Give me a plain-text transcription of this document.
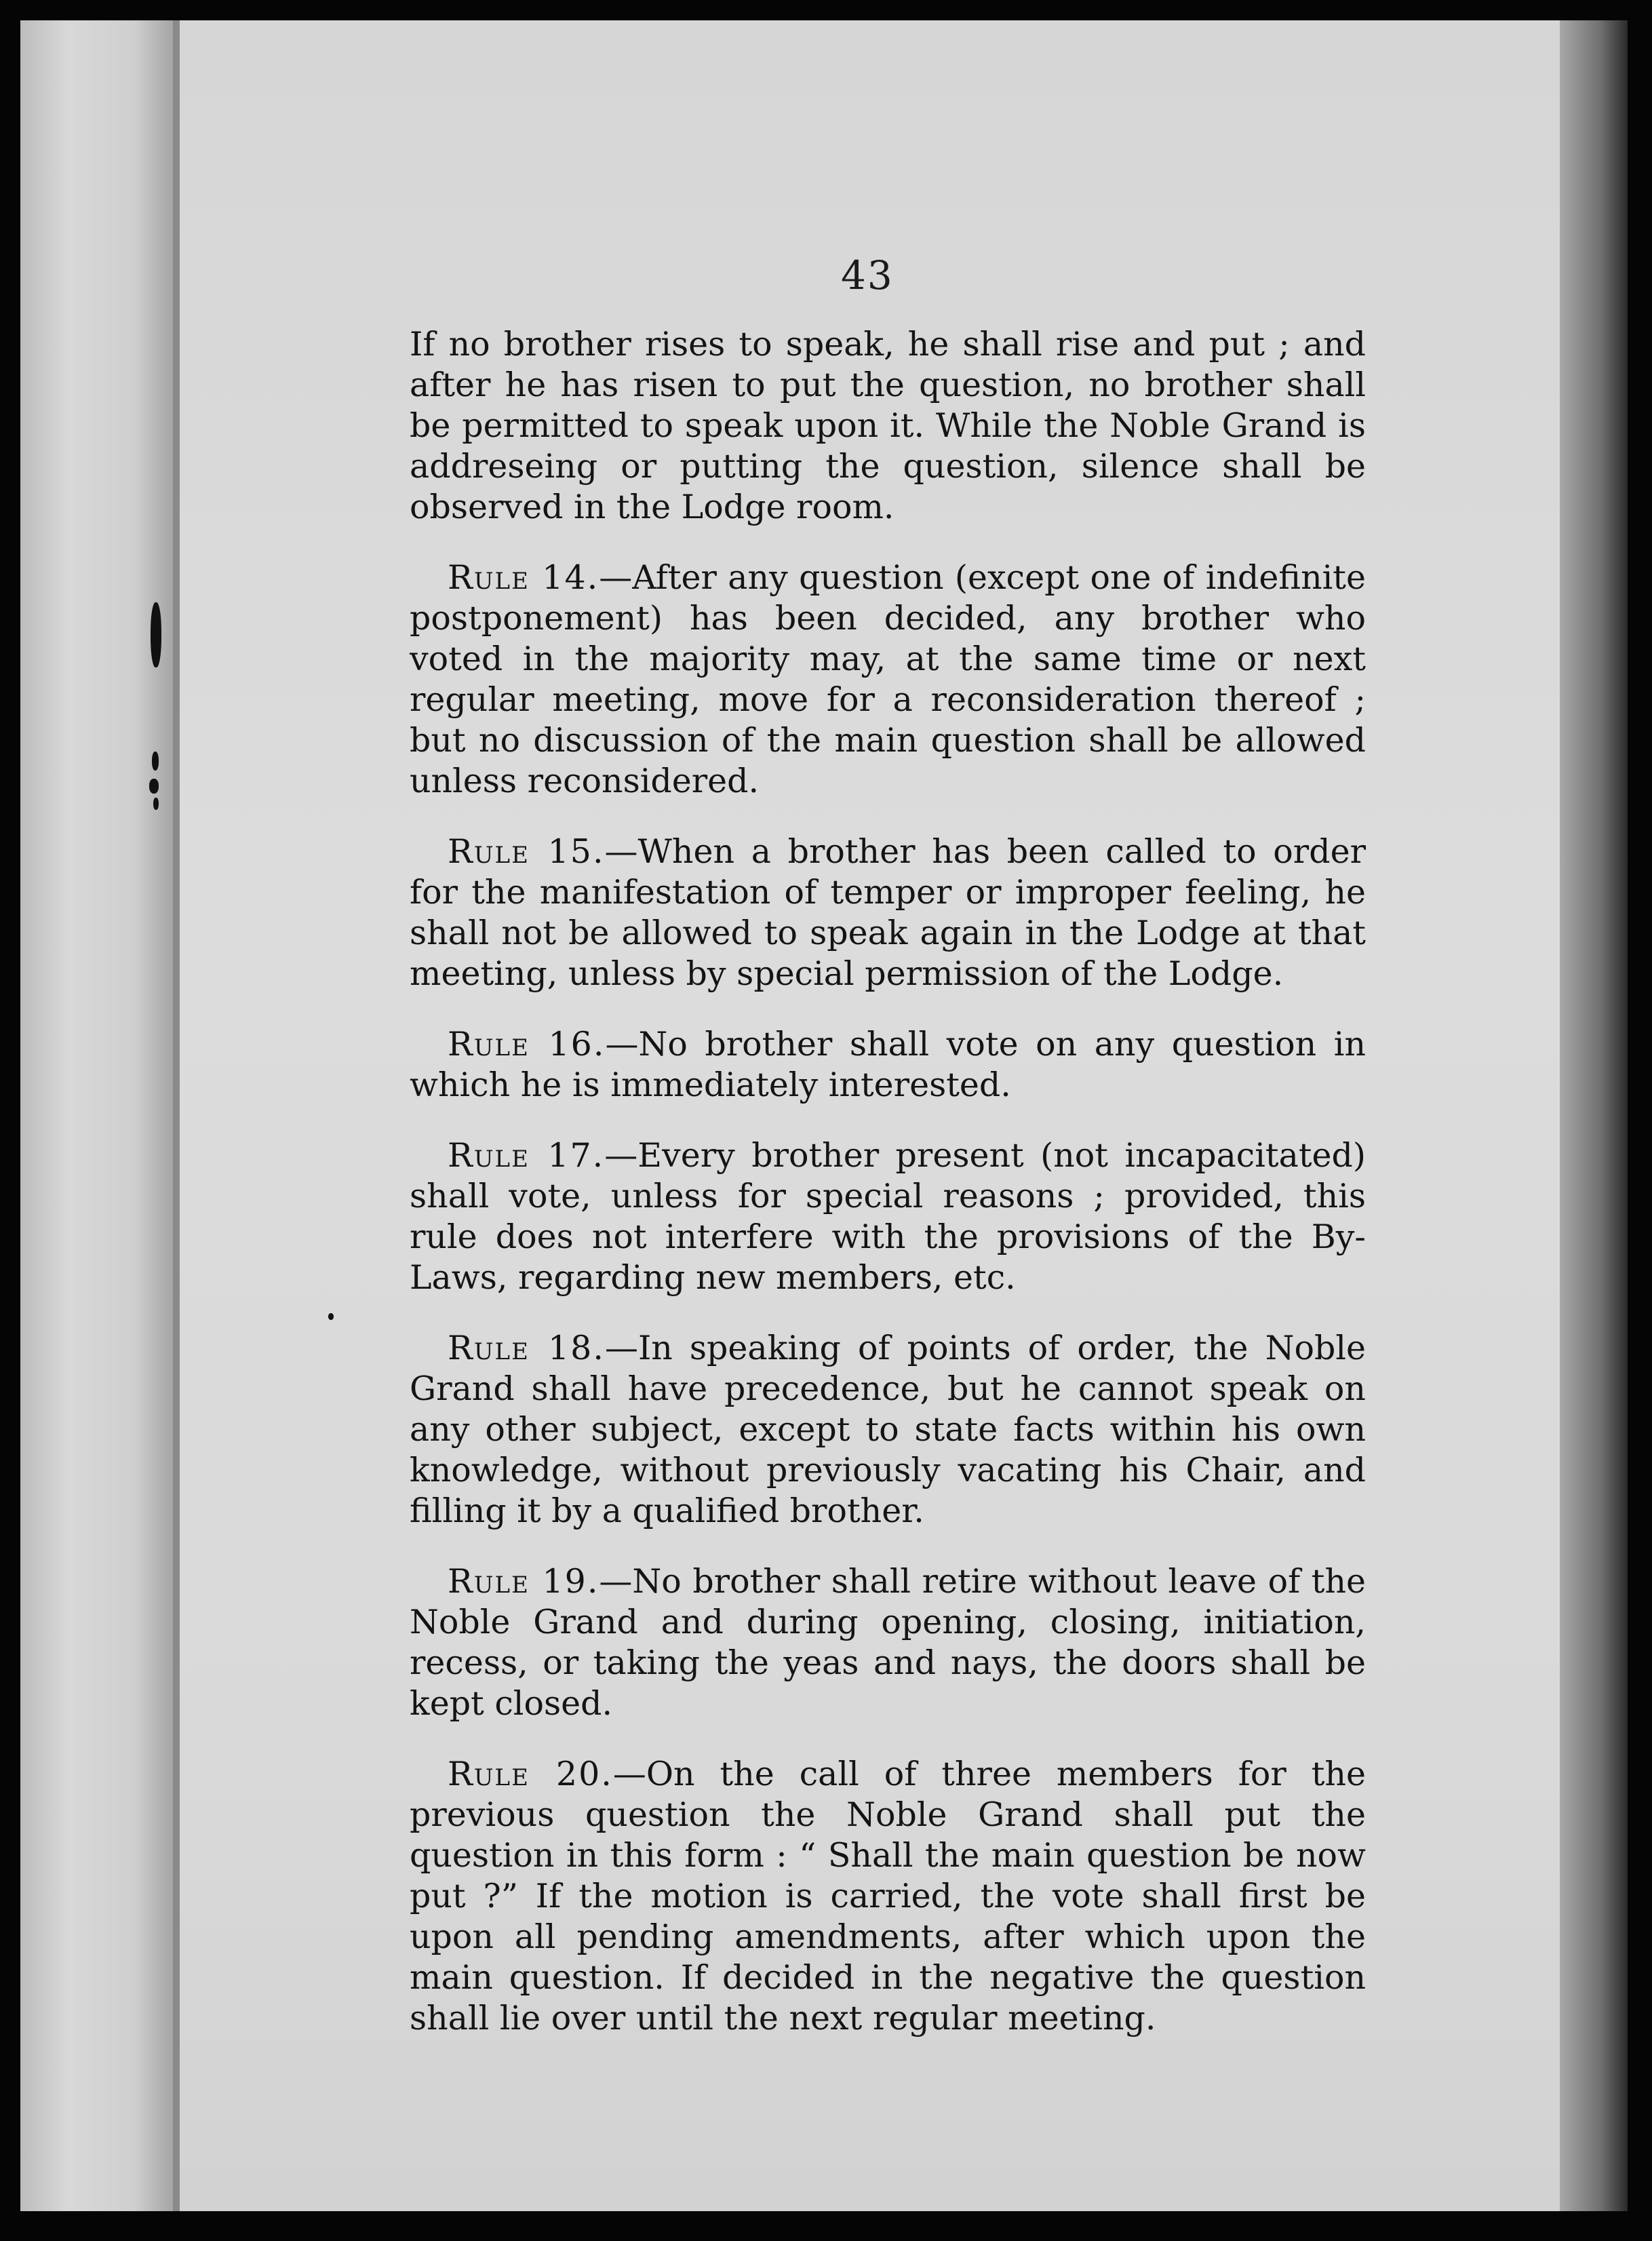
43

If no brother rises to speak, he shall rise and put ; and after he has risen to put the question, no brother shall be permitted to speak upon it. While the Noble Grand is addreseing or putting the question, silence shall be observed in the Lodge room.

Rule 14.—After any question (except one of indefinite postponement) has been decided, any brother who voted in the majority may, at the same time or next regular meeting, move for a reconsideration thereof ; but no discussion of the main question shall be allowed unless reconsidered.

Rule 15.—When a brother has been called to order for the manifestation of temper or improper feeling, he shall not be allowed to speak again in the Lodge at that meeting, unless by special permission of the Lodge.

Rule 16.—No brother shall vote on any question in which he is immediately interested.

Rule 17.—Every brother present (not incapacitated) shall vote, unless for special reasons ; provided, this rule does not interfere with the provisions of the By-Laws, regarding new members, etc.

Rule 18.—In speaking of points of order, the Noble Grand shall have precedence, but he cannot speak on any other subject, except to state facts within his own knowledge, without previously vacating his Chair, and filling it by a qualified brother.

Rule 19.—No brother shall retire without leave of the Noble Grand and during opening, closing, initiation, recess, or taking the yeas and nays, the doors shall be kept closed.

Rule 20.—On the call of three members for the previous question the Noble Grand shall put the question in this form : “ Shall the main question be now put ?” If the motion is carried, the vote shall first be upon all pending amendments, after which upon the main question. If decided in the negative the question shall lie over until the next regular meeting.
